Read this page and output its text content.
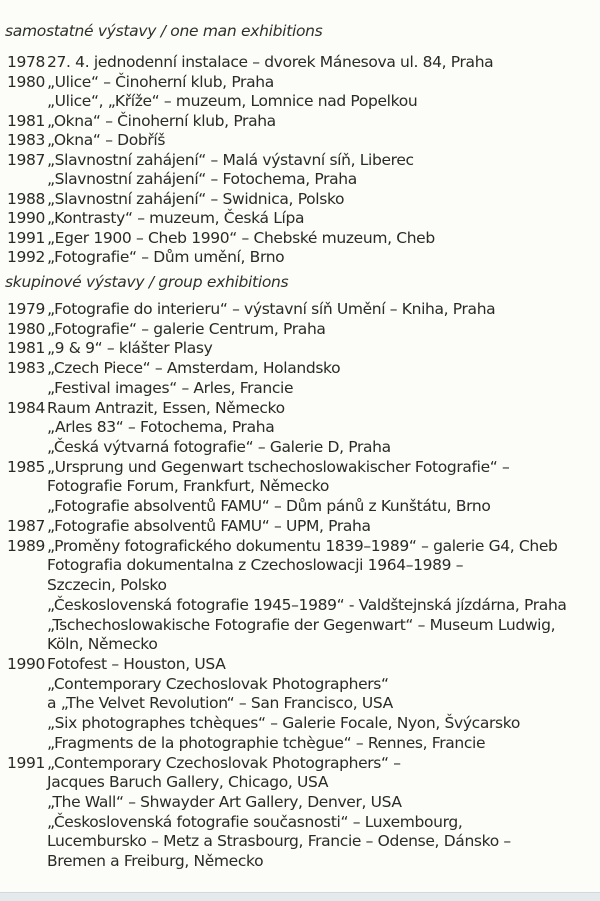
samostatné výstavy / one man exhibitions
1978 27. 4. jednodenní instalace – dvorek Mánesova ul. 84, Praha
1980 „Ulice“ – Činoherní klub, Praha
„Ulice“, „Kříže“ – muzeum, Lomnice nad Popelkou
1981 „Okna“ – Činoherní klub, Praha
1983 „Okna“ – Dobříš
1987 „Slavnostní zahájení“ – Malá výstavní síň, Liberec
„Slavnostní zahájení“ – Fotochema, Praha
1988 „Slavnostní zahájení“ – Swidnica, Polsko
1990 „Kontrasty“ – muzeum, Česká Lípa
1991 „Eger 1900 – Cheb 1990“ – Chebské muzeum, Cheb
1992 „Fotografie“ – Dům umění, Brno
skupinové výstavy / group exhibitions
1979 „Fotografie do interieru“ – výstavní síň Umění – Kniha, Praha
1980 „Fotografie“ – galerie Centrum, Praha
1981 „9 & 9“ – klášter Plasy
1983 „Czech Piece“ – Amsterdam, Holandsko
„Festival images“ – Arles, Francie
1984 Raum Antrazit, Essen, Německo
„Arles 83“ – Fotochema, Praha
„Česká výtvarná fotografie“ – Galerie D, Praha
1985 „Ursprung und Gegenwart tschechoslowakischer Fotografie“ –
Fotografie Forum, Frankfurt, Německo
„Fotografie absolventů FAMU“ – Dům pánů z Kunštátu, Brno
1987 „Fotografie absolventů FAMU“ – UPM, Praha
1989 „Proměny fotografického dokumentu 1839–1989“ – galerie G4, Cheb
Fotografia dokumentalna z Czechoslowacji 1964–1989 –
Szczecin, Polsko
„Československá fotografie 1945–1989“ - Valdštejnská jízdárna, Praha
„Tschechoslowakische Fotografie der Gegenwart“ – Museum Ludwig,
Köln, Německo
1990 Fotofest – Houston, USA
„Contemporary Czechoslovak Photographers“
a „The Velvet Revolution“ – San Francisco, USA
„Six photographes tchèques“ – Galerie Focale, Nyon, Švýcarsko
„Fragments de la photographie tchègue“ – Rennes, Francie
1991 „Contemporary Czechoslovak Photographers“ –
Jacques Baruch Gallery, Chicago, USA
„The Wall“ – Shwayder Art Gallery, Denver, USA
„Československá fotografie současnosti“ – Luxembourg,
Lucembursko – Metz a Strasbourg, Francie – Odense, Dánsko –
Bremen a Freiburg, Německo
